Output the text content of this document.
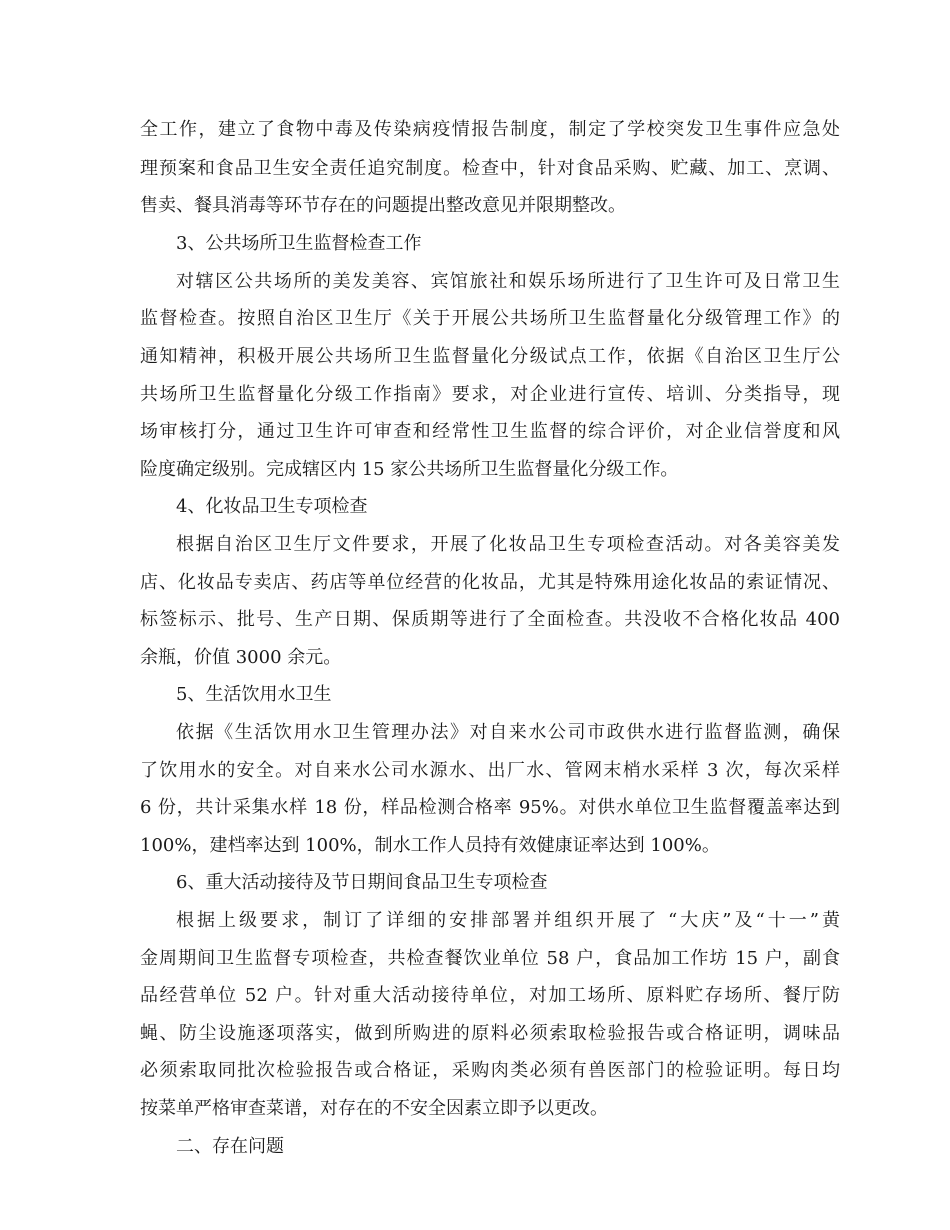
全工作，建立了食物中毒及传染病疫情报告制度，制定了学校突发卫生事件应急处
理预案和食品卫生安全责任追究制度。检查中，针对食品采购、贮藏、加工、烹调、
售卖、餐具消毒等环节存在的问题提出整改意见并限期整改。
3、公共场所卫生监督检查工作
对辖区公共场所的美发美容、宾馆旅社和娱乐场所进行了卫生许可及日常卫生
监督检查。按照自治区卫生厅《关于开展公共场所卫生监督量化分级管理工作》的
通知精神，积极开展公共场所卫生监督量化分级试点工作，依据《自治区卫生厅公
共场所卫生监督量化分级工作指南》要求，对企业进行宣传、培训、分类指导，现
场审核打分，通过卫生许可审查和经常性卫生监督的综合评价，对企业信誉度和风
险度确定级别。完成辖区内 15 家公共场所卫生监督量化分级工作。
4、化妆品卫生专项检查
根据自治区卫生厅文件要求，开展了化妆品卫生专项检查活动。对各美容美发
店、化妆品专卖店、药店等单位经营的化妆品，尤其是特殊用途化妆品的索证情况、
标签标示、批号、生产日期、保质期等进行了全面检查。共没收不合格化妆品 400
余瓶，价值 3000 余元。
5、生活饮用水卫生
依据《生活饮用水卫生管理办法》对自来水公司市政供水进行监督监测，确保
了饮用水的安全。对自来水公司水源水、出厂水、管网末梢水采样 3 次，每次采样
6 份，共计采集水样 18 份，样品检测合格率 95%。对供水单位卫生监督覆盖率达到
100%，建档率达到 100%，制水工作人员持有效健康证率达到 100%。
6、重大活动接待及节日期间食品卫生专项检查
根据上级要求，制订了详细的安排部署并组织开展了 “大庆”及“十一”黄
金周期间卫生监督专项检查，共检查餐饮业单位 58 户，食品加工作坊 15 户，副食
品经营单位 52 户。针对重大活动接待单位，对加工场所、原料贮存场所、餐厅防
蝇、防尘设施逐项落实，做到所购进的原料必须索取检验报告或合格证明，调味品
必须索取同批次检验报告或合格证，采购肉类必须有兽医部门的检验证明。每日均
按菜单严格审查菜谱，对存在的不安全因素立即予以更改。
二、存在问题
